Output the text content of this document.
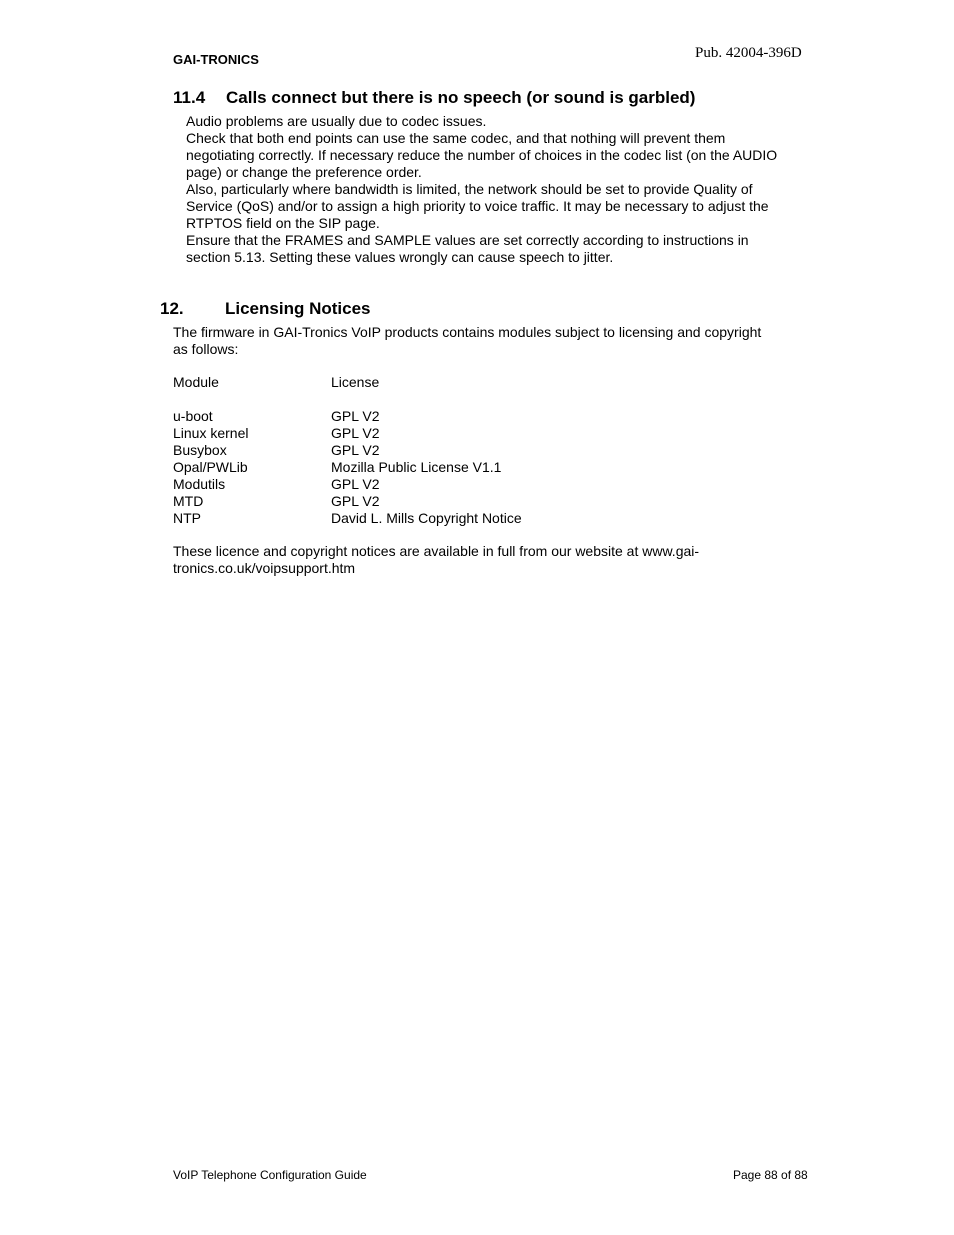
GAI-TRONICS	Pub. 42004-396D
11.4 Calls connect but there is no speech (or sound is garbled)

Audio problems are usually due to codec issues.

Check that both end points can use the same codec, and that nothing will prevent them negotiating correctly. If necessary reduce the number of choices in the codec list (on the AUDIO page) or change the preference order.

Also, particularly where bandwidth is limited, the network should be set to provide Quality of Service (QoS) and/or to assign a high priority to voice traffic. It may be necessary to adjust the RTPTOS field on the SIP page.

Ensure that the FRAMES and SAMPLE values are set correctly according to instructions in section 5.13. Setting these values wrongly can cause speech to jitter.

12. Licensing Notices
The firmware in GAI-Tronics VoIP products contains modules subject to licensing and copyright as follows:
Module	License
u-boot	GPL V2
Linux kernel	GPL V2
Busybox	GPL V2
Opal/PWLib	Mozilla Public License V1.1
Modutils	GPL V2
MTD	GPL V2
NTP	David L. Mills Copyright Notice
These licence and copyright notices are available in full from our website at www.gai-tronics.co.uk/voipsupport.htm
VoIP Telephone Configuration Guide	Page 88 of 88
